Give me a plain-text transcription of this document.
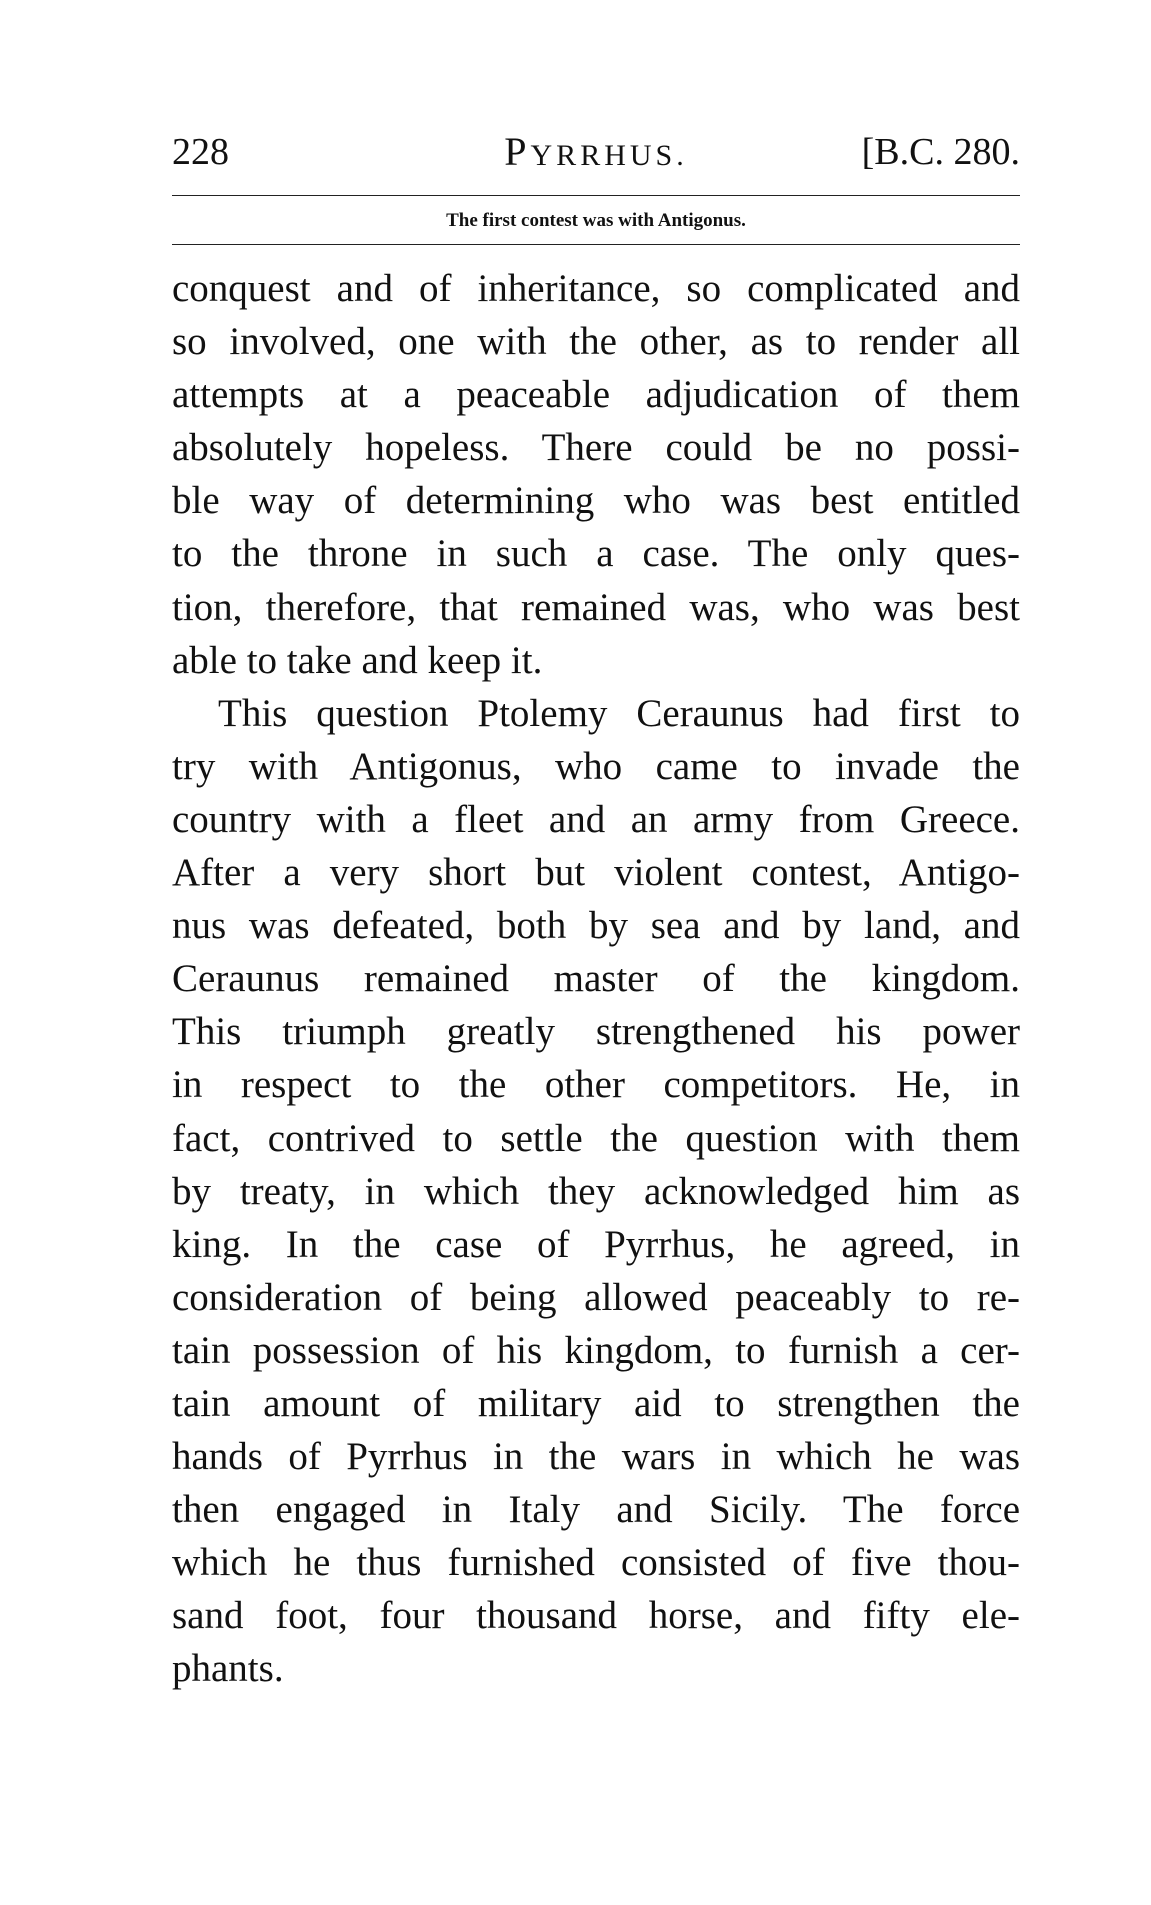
228	PYRRHUS.	[B.C. 280.
The first contest was with Antigonus.
conquest and of inheritance, so complicated and
so involved, one with the other, as to render all
attempts at a peaceable adjudication of them
absolutely hopeless. There could be no possi-
ble way of determining who was best entitled
to the throne in such a case. The only ques-
tion, therefore, that remained was, who was best
able to take and keep it.
This question Ptolemy Ceraunus had first to
try with Antigonus, who came to invade the
country with a fleet and an army from Greece.
After a very short but violent contest, Antigo-
nus was defeated, both by sea and by land, and
Ceraunus remained master of the kingdom.
This triumph greatly strengthened his power
in respect to the other competitors. He, in
fact, contrived to settle the question with them
by treaty, in which they acknowledged him as
king. In the case of Pyrrhus, he agreed, in
consideration of being allowed peaceably to re-
tain possession of his kingdom, to furnish a cer-
tain amount of military aid to strengthen the
hands of Pyrrhus in the wars in which he was
then engaged in Italy and Sicily. The force
which he thus furnished consisted of five thou-
sand foot, four thousand horse, and fifty ele-
phants.
